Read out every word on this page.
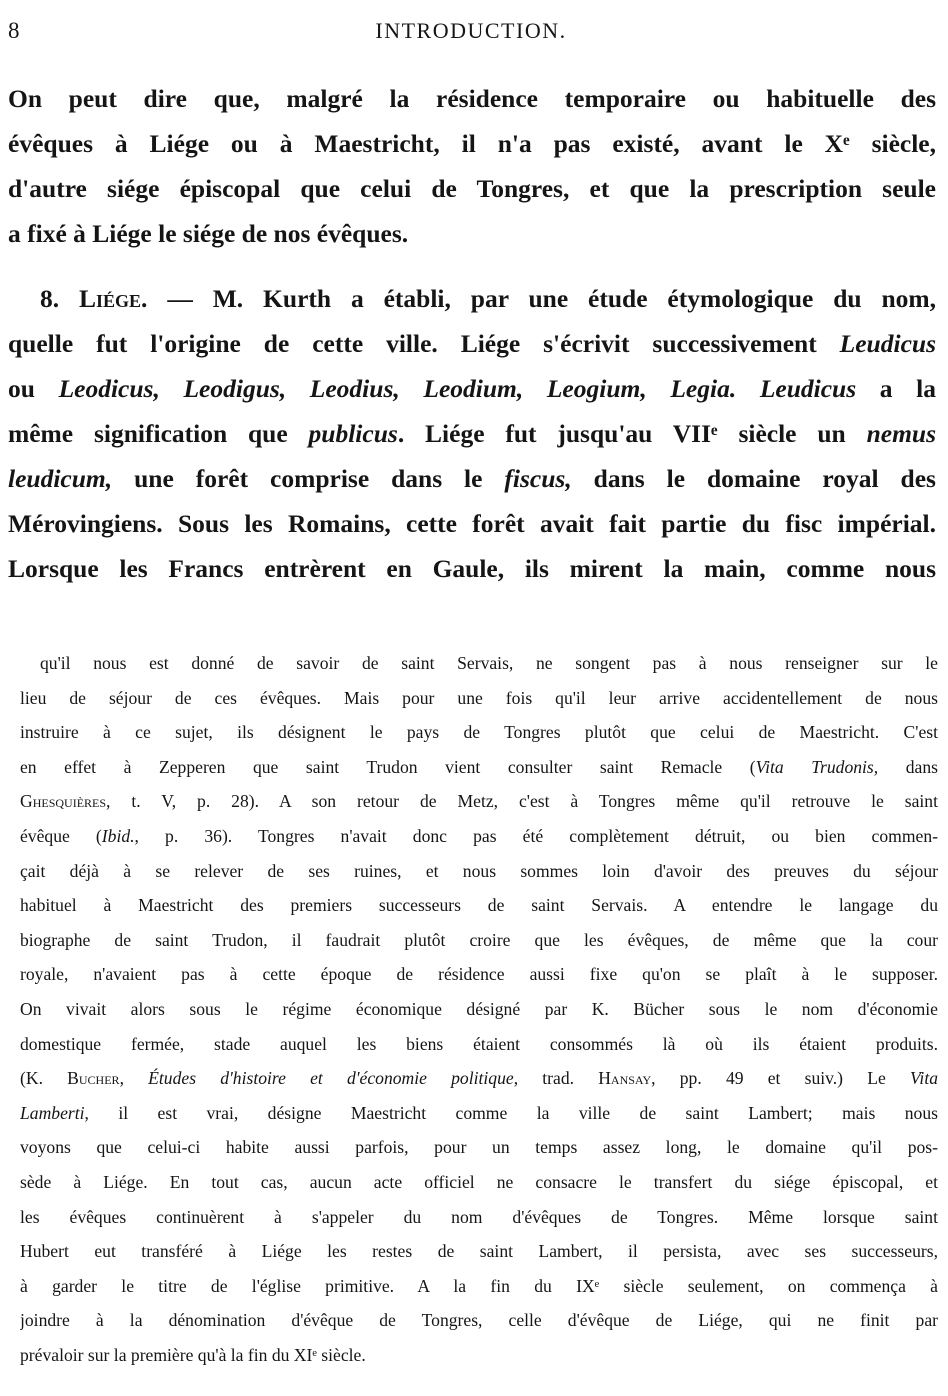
8	INTRODUCTION.
On peut dire que, malgré la résidence temporaire ou habituelle des
évêques à Liége ou à Maestricht, il n'a pas existé, avant le Xᵉ siècle,
d'autre siége épiscopal que celui de Tongres, et que la prescription seule
a fixé à Liége le siége de nos évêques.
8. Liége. — M. Kurth a établi, par une étude étymologique du nom,
quelle fut l'origine de cette ville. Liége s'écrivit successivement Leudicus
ou Leodicus, Leodigus, Leodius, Leodium, Leogium, Legia. Leudicus a la
même signification que publicus. Liége fut jusqu'au VIIᵉ siècle un nemus
leudicum, une forêt comprise dans le fiscus, dans le domaine royal des
Mérovingiens. Sous les Romains, cette forêt avait fait partie du fisc impérial.
Lorsque les Francs entrèrent en Gaule, ils mirent la main, comme nous
qu'il nous est donné de savoir de saint Servais, ne songent pas à nous renseigner sur le
lieu de séjour de ces évêques. Mais pour une fois qu'il leur arrive accidentellement de nous
instruire à ce sujet, ils désignent le pays de Tongres plutôt que celui de Maestricht. C'est
en effet à Zepperen que saint Trudon vient consulter saint Remacle (Vita Trudonis, dans
Ghesquières, t. V, p. 28). A son retour de Metz, c'est à Tongres même qu'il retrouve le saint
évêque (Ibid., p. 36). Tongres n'avait donc pas été complètement détruit, ou bien commen-
çait déjà à se relever de ses ruines, et nous sommes loin d'avoir des preuves du séjour
habituel à Maestricht des premiers successeurs de saint Servais. A entendre le langage du
biographe de saint Trudon, il faudrait plutôt croire que les évêques, de même que la cour
royale, n'avaient pas à cette époque de résidence aussi fixe qu'on se plaît à le supposer.
On vivait alors sous le régime économique désigné par K. Bücher sous le nom d'économie
domestique fermée, stade auquel les biens étaient consommés là où ils étaient produits.
(K. Bucher, Études d'histoire et d'économie politique, trad. Hansay, pp. 49 et suiv.) Le Vita
Lamberti, il est vrai, désigne Maestricht comme la ville de saint Lambert; mais nous
voyons que celui-ci habite aussi parfois, pour un temps assez long, le domaine qu'il pos-
sède à Liége. En tout cas, aucun acte officiel ne consacre le transfert du siége épiscopal, et
les évêques continuèrent à s'appeler du nom d'évêques de Tongres. Même lorsque saint
Hubert eut transféré à Liége les restes de saint Lambert, il persista, avec ses successeurs,
à garder le titre de l'église primitive. A la fin du IXᵉ siècle seulement, on commença à
joindre à la dénomination d'évêque de Tongres, celle d'évêque de Liége, qui ne finit par
prévaloir sur la première qu'à la fin du XIᵉ siècle.
